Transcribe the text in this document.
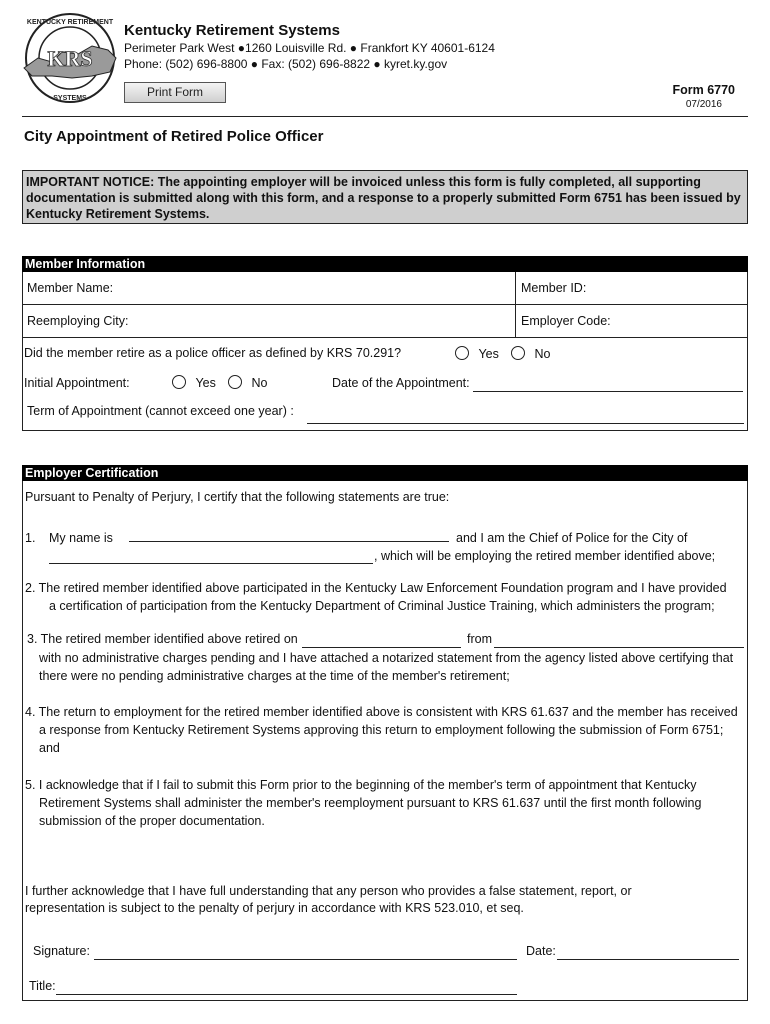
KRS
KENTUCKY RETIREMENT
SYSTEMS
Kentucky Retirement Systems
Perimeter Park West ●1260 Louisville Rd. ● Frankfort KY 40601-6124
Phone: (502) 696-8800 ● Fax: (502) 696-8822 ● kyret.ky.gov
Print Form	Form 6770
07/2016
City Appointment of Retired Police Officer
IMPORTANT NOTICE: The appointing employer will be invoiced unless this form is fully completed, all supporting documentation is submitted along with this form, and a response to a properly submitted Form 6751 has been issued by Kentucky Retirement Systems.
Member Information
Member Name:	Member ID:
Reemploying City:	Employer Code:
Did the member retire as a police officer as defined by KRS 70.291?	Yes	No
Initial Appointment:	Yes	No	Date of the Appointment:
Term of Appointment (cannot exceed one year) :
Employer Certification
Pursuant to Penalty of Perjury, I certify that the following statements are true:
1. My name is	and I am the Chief of Police for the City of
, which will be employing the retired member identified above;
2. The retired member identified above participated in the Kentucky Law Enforcement Foundation program and I have provided
a certification of participation from the Kentucky Department of Criminal Justice Training, which administers the program;
3. The retired member identified above retired on	from
with no administrative charges pending and I have attached a notarized statement from the agency listed above certifying that
there were no pending administrative charges at the time of the member's retirement;
4. The return to employment for the retired member identified above is consistent with KRS 61.637 and the member has received
a response from Kentucky Retirement Systems approving this return to employment following the submission of Form 6751;
and
5. I acknowledge that if I fail to submit this Form prior to the beginning of the member's term of appointment that Kentucky
Retirement Systems shall administer the member's reemployment pursuant to KRS 61.637 until the first month following
submission of the proper documentation.
I further acknowledge that I have full understanding that any person who provides a false statement, report, or
representation is subject to the penalty of perjury in accordance with KRS 523.010, et seq.
Signature:	Date:
Title:
